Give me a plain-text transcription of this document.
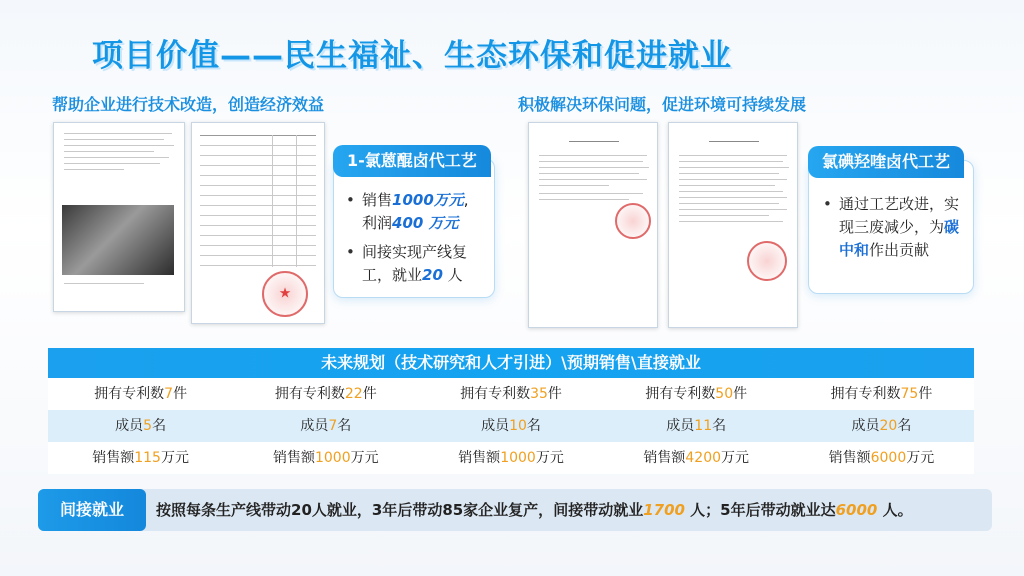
项目价值——民生福祉、生态环保和促进就业
帮助企业进行技术改造，创造经济效益	积极解决环保问题，促进环境可持续发展
★
• 销售1000万元,
利润400 万元
• 间接实现产线复工，就业20 人
1-氯蒽醌卤代工艺
• 通过工艺改进，实现三废减少，为碳中和作出贡献
氯碘羟喹卤代工艺
未来规划（技术研究和人才引进）\预期销售\直接就业
拥有专利数7件	拥有专利数22件	拥有专利数35件	拥有专利数50件	拥有专利数75件
成员5名	成员7名	成员10名	成员11名	成员20名
销售额115万元	销售额1000万元	销售额1000万元	销售额4200万元	销售额6000万元
间接就业	按照每条生产线带动20人就业，3年后带动85家企业复产，间接带动就业1700 人；5年后带动就业达6000 人。
